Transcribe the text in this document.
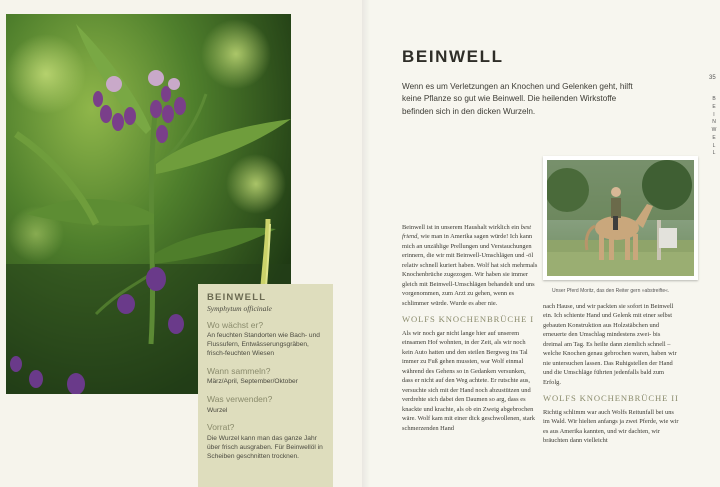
BEINWELL
Symphytum officinale
Wo wächst er?
An feuchten Standorten wie Bach- und Flussufern, Entwässerungsgräben, frisch-feuchten Wiesen
Wann sammeln?
März/April, September/Oktober
Was verwenden?
Wurzel
Vorrat?
Die Wurzel kann man das ganze Jahr über frisch ausgraben. Für Beinwellöl in Scheiben geschnitten trocknen.
BEINWELL
Wenn es um Verletzungen an Knochen und Gelenken geht, hilft keine Pflanze so gut wie Beinwell. Die heilenden Wirkstoffe befinden sich in den dicken Wurzeln.
35
B
E
I
N
W
E
L
L
Unser Pferd Moritz, das den Reiter gern »abstreifte«.

Beinwell ist in unserem Haushalt wirklich ein best friend, wie man in Amerika sagen würde! Ich kann mich an unzählige Prellungen und Verstauchungen erinnern, die wir mit Beinwell-Umschlägen und -öl relativ schnell kuriert haben. Wolf hat sich mehrmals Knochenbrüche zugezogen. Wir haben sie immer gleich mit Beinwell-Umschlägen behandelt und uns vorgenommen, zum Arzt zu gehen, wenn es schlimmer würde. Wurde es aber nie.

WOLFS KNOCHENBRÜCHE I

Als wir noch gar nicht lange hier auf unserem einsamen Hof wohnten, in der Zeit, als wir noch kein Auto hatten und den steilen Bergweg ins Tal immer zu Fuß gehen mussten, war Wolf einmal während des Gehens so in Gedanken versunken, dass er nicht auf den Weg achtete. Er rutschte aus, versuchte sich mit der Hand noch abzustützen und verdrehte sich dabei den Daumen so arg, dass es knackte und krachte, als ob ein Zweig abgebrochen wäre. Wolf kam mit einer dick geschwollenen, stark schmerzenden Hand

nach Hause, und wir packten sie sofort in Beinwell ein. Ich schiente Hand und Gelenk mit einer selbst gebauten Konstruktion aus Holzstäbchen und erneuerte den Umschlag mindestens zwei- bis dreimal am Tag. Es heilte dann ziemlich schnell – welche Knochen genau gebrochen waren, haben wir nie untersuchen lassen. Das Ruhigstellen der Hand und die Umschläge führten jedenfalls bald zum Erfolg.

WOLFS KNOCHENBRÜCHE II

Richtig schlimm war auch Wolfs Reitunfall bei uns im Wald. Wir hielten anfangs ja zwei Pferde, wie wir es aus Amerika kannten, und wir dachten, wir bräuchten dann vielleicht
